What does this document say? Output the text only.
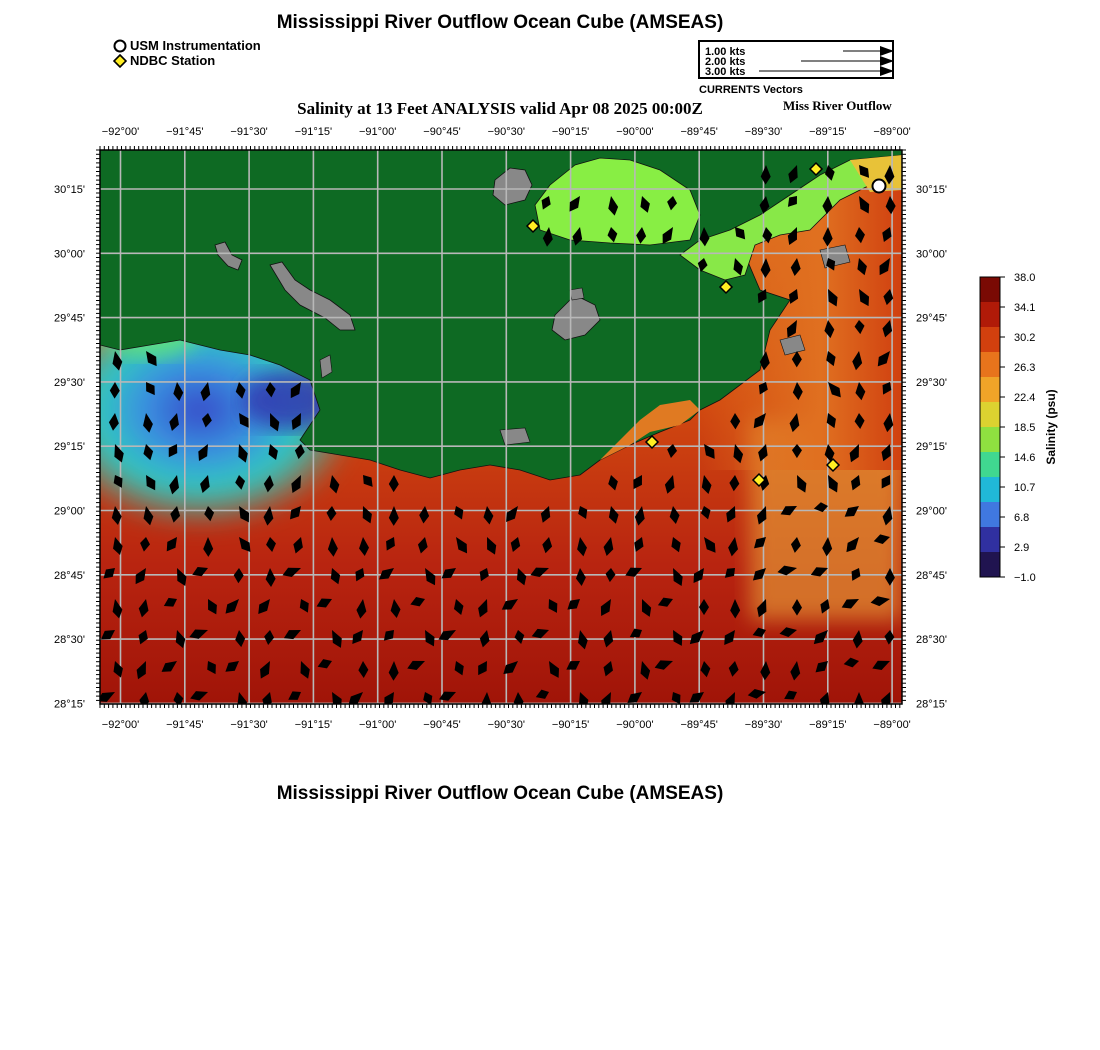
Mississippi River Outflow Ocean Cube (AMSEAS)
USM Instrumentation
NDBC Station
1.00 kts
2.00 kts
3.00 kts
CURRENTS Vectors
Salinity at 13 Feet ANALYSIS valid Apr 08 2025 00:00Z	Miss River Outflow
−92°00'
−92°00'
−91°45'
−91°45'
−91°30'
−91°30'
−91°15'
−91°15'
−91°00'
−91°00'
−90°45'
−90°45'
−90°30'
−90°30'
−90°15'
−90°15'
−90°00'
−90°00'
−89°45'
−89°45'
−89°30'
−89°30'
−89°15'
−89°15'
−89°00'
−89°00'
30°15'	30°15'
30°00'	30°00'
29°45'	29°45'
29°30'	29°30'
29°15'	29°15'
29°00'	29°00'
28°45'	28°45'
28°30'	28°30'
28°15'	28°15'
38.0
34.1
30.2
26.3
22.4
18.5
14.6
10.7
6.8
2.9
−1.0
Salinity (psu)
Mississippi River Outflow Ocean Cube (AMSEAS)
